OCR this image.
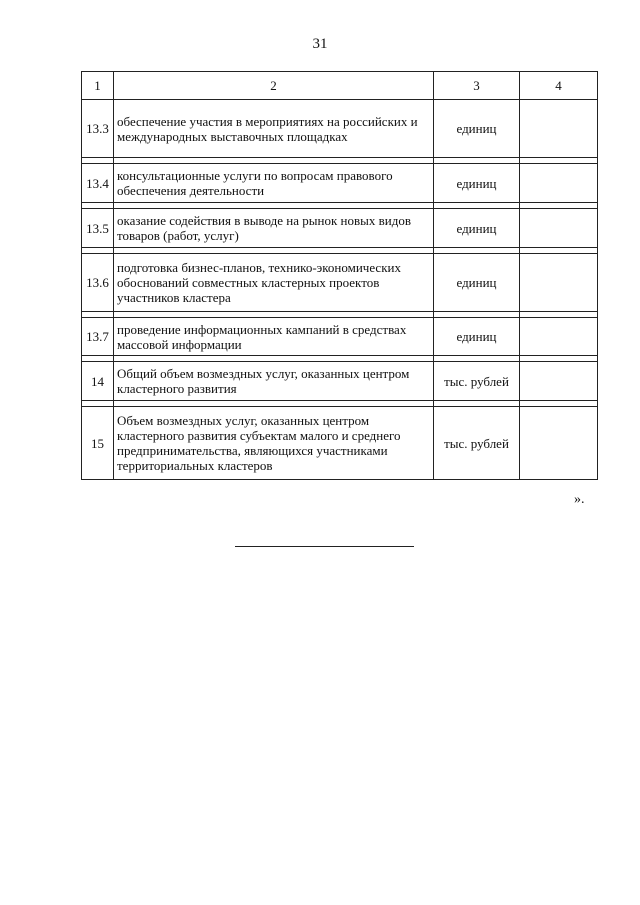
31
1	2	3	4
13.3	обеспечение участия в мероприятиях на российских и международных выставочных площадках	единиц	

13.4	консультационные услуги по вопросам правового обеспечения деятельности	единиц	

13.5	оказание содействия в выводе на рынок новых видов товаров (работ, услуг)	единиц	

13.6	подготовка бизнес-планов, технико-экономических обоснований совместных кластерных проектов участников кластера	единиц	

13.7	проведение информационных кампаний в средствах массовой информации	единиц	

14	Общий объем возмездных услуг, оказанных центром кластерного развития	тыс. рублей	

15	Объем возмездных услуг, оказанных центром кластерного развития субъектам малого и среднего предпринимательства, являющихся участниками территориальных кластеров	тыс. рублей	
».
